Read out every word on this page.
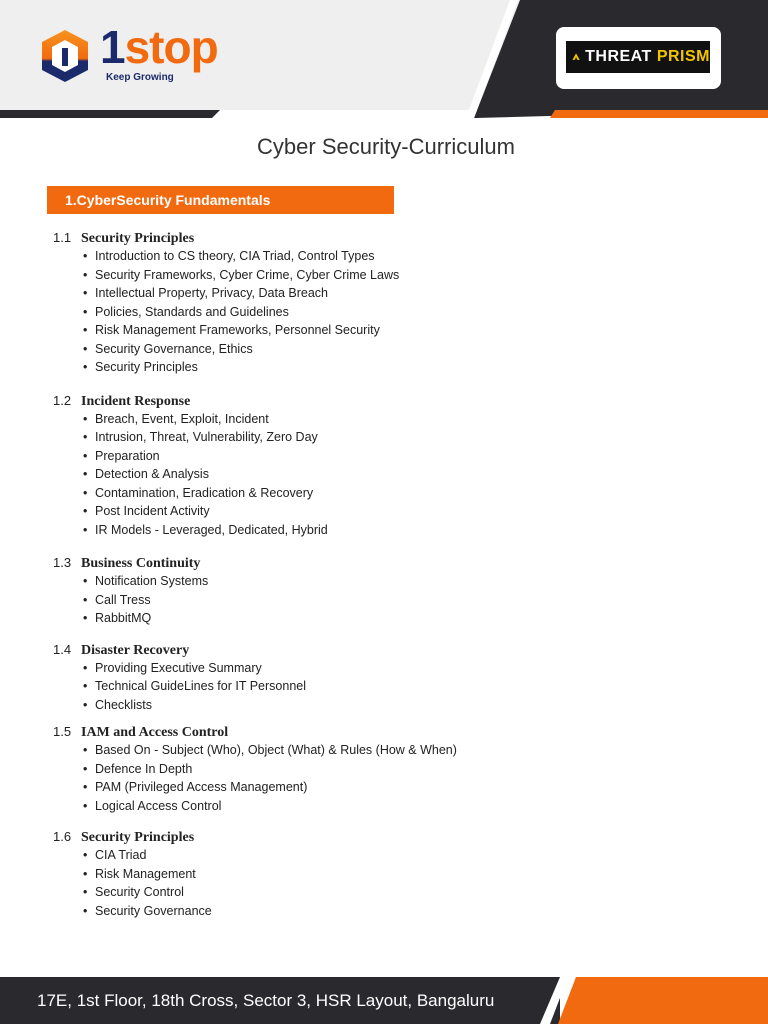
1stop
Keep Growing
THREAT PRISM
Cyber Security-Curriculum
1.CyberSecurity Fundamentals
1.1 Security Principles
• Introduction to CS theory, CIA Triad, Control Types
• Security Frameworks, Cyber Crime, Cyber Crime Laws
• Intellectual Property, Privacy, Data Breach
• Policies, Standards and Guidelines
• Risk Management Frameworks, Personnel Security
• Security Governance, Ethics
• Security Principles
1.2 Incident Response
• Breach, Event, Exploit, Incident
• Intrusion, Threat, Vulnerability, Zero Day
• Preparation
• Detection & Analysis
• Contamination, Eradication & Recovery
• Post Incident Activity
• IR Models - Leveraged, Dedicated, Hybrid
1.3 Business Continuity
• Notification Systems
• Call Tress
• RabbitMQ
1.4 Disaster Recovery
• Providing Executive Summary
• Technical GuideLines for IT Personnel
• Checklists
1.5 IAM and Access Control
• Based On - Subject (Who), Object (What) & Rules (How & When)
• Defence In Depth
• PAM (Privileged Access Management)
• Logical Access Control
1.6 Security Principles
• CIA Triad
• Risk Management
• Security Control
• Security Governance
17E, 1st Floor, 18th Cross, Sector 3, HSR Layout, Bangaluru
